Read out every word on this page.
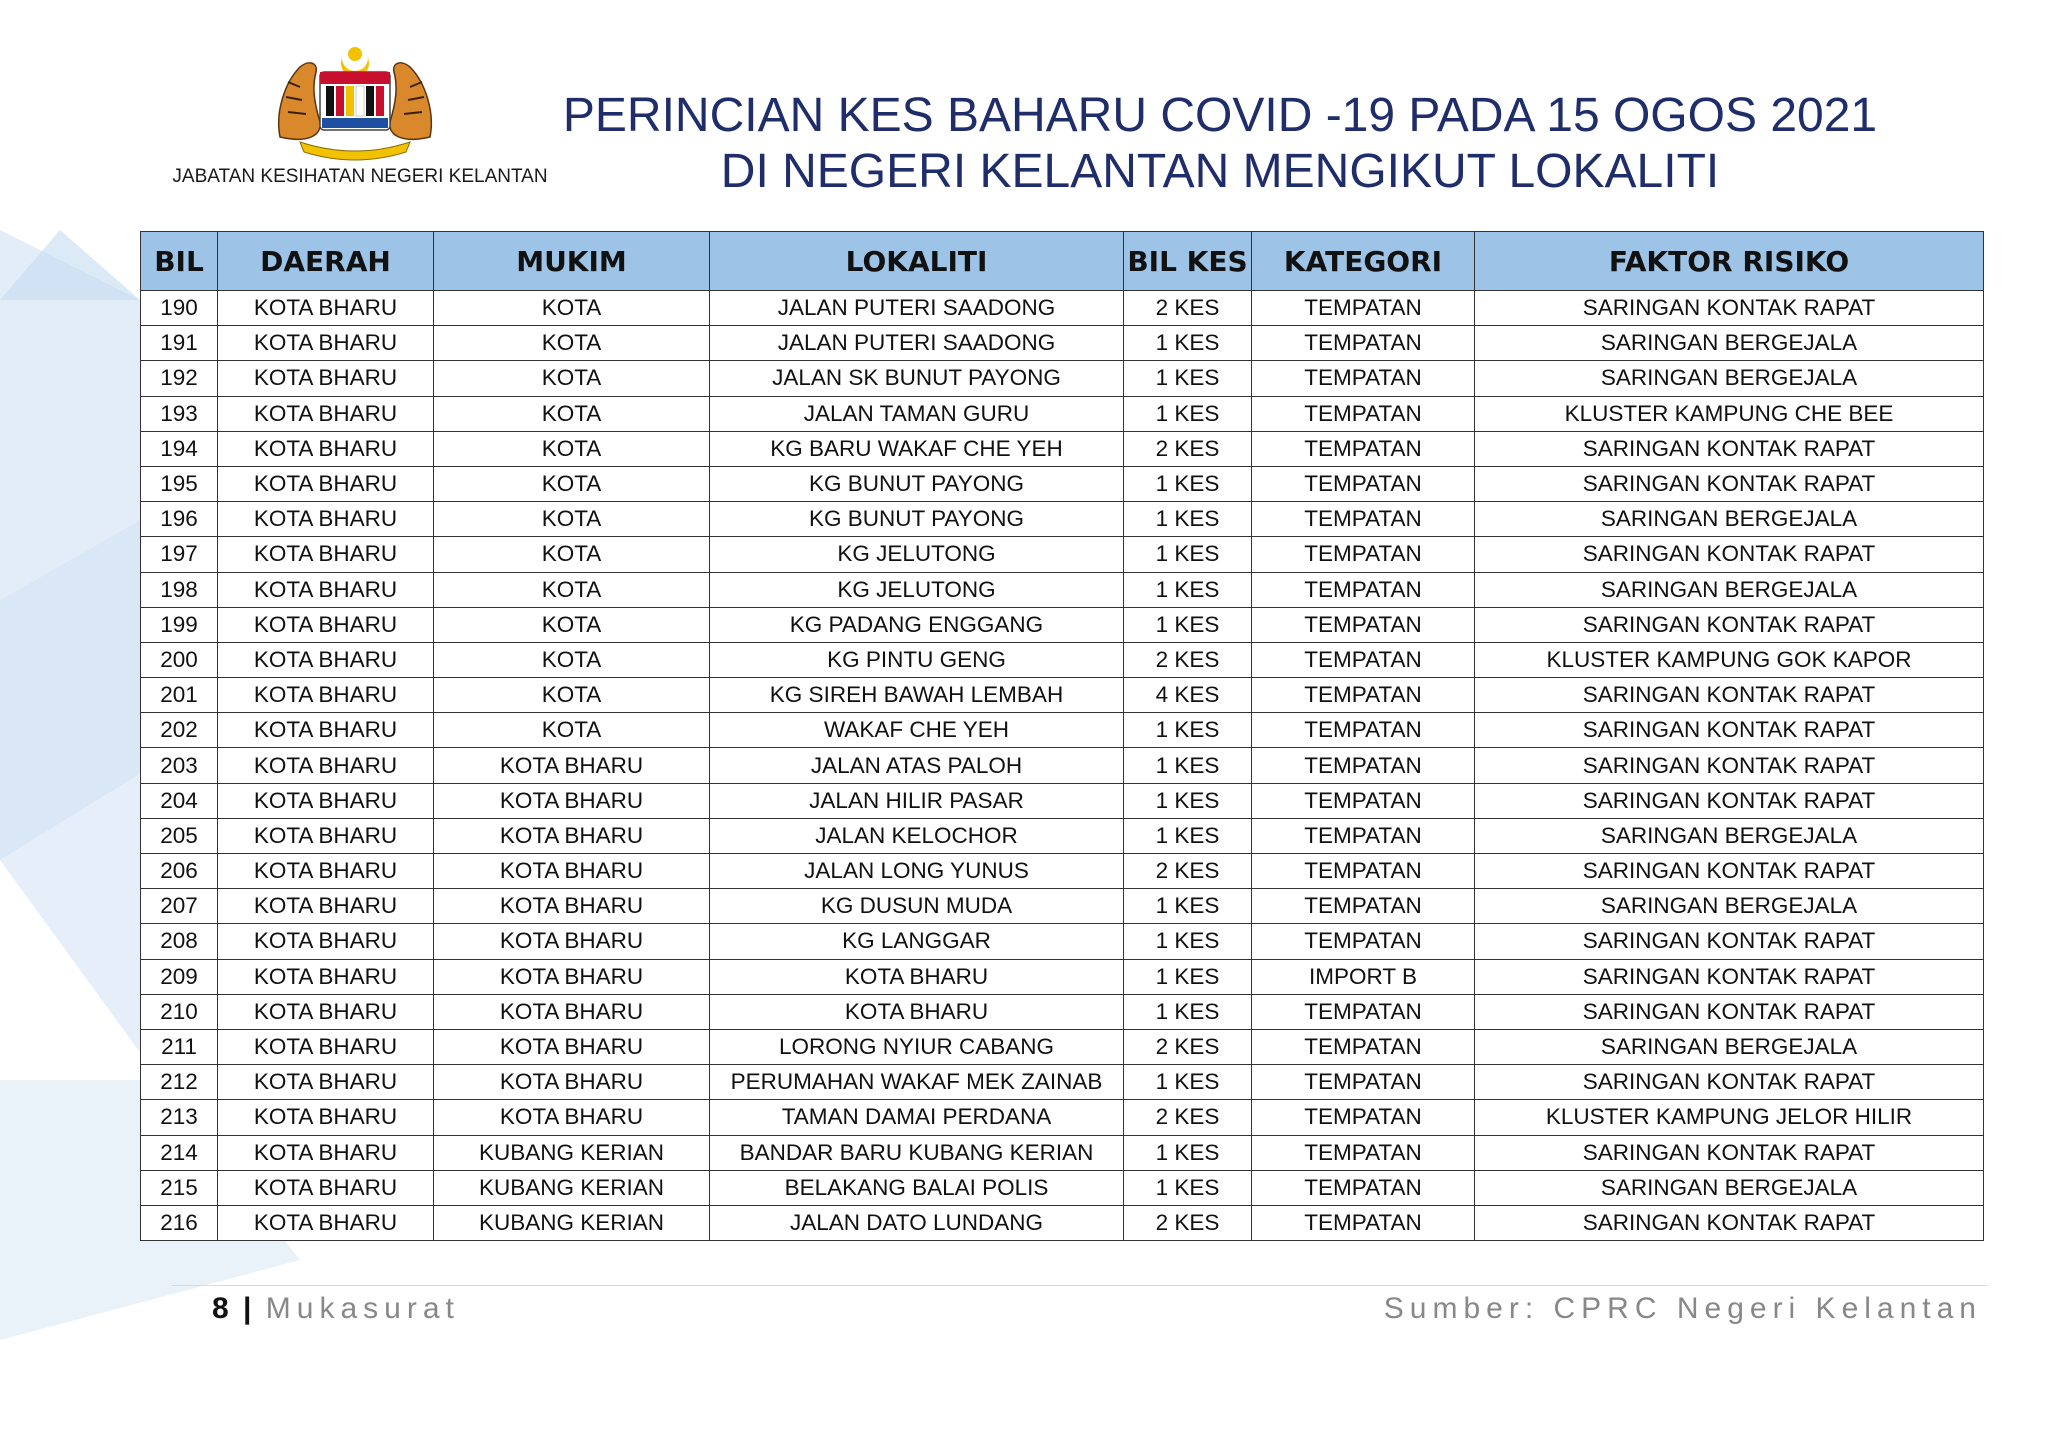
JABATAN KESIHATAN NEGERI KELANTAN
PERINCIAN KES BAHARU COVID -19 PADA 15 OGOS 2021
DI NEGERI KELANTAN MENGIKUT LOKALITI
BIL	DAERAH	MUKIM	LOKALITI	BIL KES	KATEGORI	FAKTOR RISIKO
190	KOTA BHARU	KOTA	JALAN PUTERI SAADONG	2 KES	TEMPATAN	SARINGAN KONTAK RAPAT
191	KOTA BHARU	KOTA	JALAN PUTERI SAADONG	1 KES	TEMPATAN	SARINGAN BERGEJALA
192	KOTA BHARU	KOTA	JALAN SK BUNUT PAYONG	1 KES	TEMPATAN	SARINGAN BERGEJALA
193	KOTA BHARU	KOTA	JALAN TAMAN GURU	1 KES	TEMPATAN	KLUSTER KAMPUNG CHE BEE
194	KOTA BHARU	KOTA	KG BARU WAKAF CHE YEH	2 KES	TEMPATAN	SARINGAN KONTAK RAPAT
195	KOTA BHARU	KOTA	KG BUNUT PAYONG	1 KES	TEMPATAN	SARINGAN KONTAK RAPAT
196	KOTA BHARU	KOTA	KG BUNUT PAYONG	1 KES	TEMPATAN	SARINGAN BERGEJALA
197	KOTA BHARU	KOTA	KG JELUTONG	1 KES	TEMPATAN	SARINGAN KONTAK RAPAT
198	KOTA BHARU	KOTA	KG JELUTONG	1 KES	TEMPATAN	SARINGAN BERGEJALA
199	KOTA BHARU	KOTA	KG PADANG ENGGANG	1 KES	TEMPATAN	SARINGAN KONTAK RAPAT
200	KOTA BHARU	KOTA	KG PINTU GENG	2 KES	TEMPATAN	KLUSTER KAMPUNG GOK KAPOR
201	KOTA BHARU	KOTA	KG SIREH BAWAH LEMBAH	4 KES	TEMPATAN	SARINGAN KONTAK RAPAT
202	KOTA BHARU	KOTA	WAKAF CHE YEH	1 KES	TEMPATAN	SARINGAN KONTAK RAPAT
203	KOTA BHARU	KOTA BHARU	JALAN ATAS PALOH	1 KES	TEMPATAN	SARINGAN KONTAK RAPAT
204	KOTA BHARU	KOTA BHARU	JALAN HILIR PASAR	1 KES	TEMPATAN	SARINGAN KONTAK RAPAT
205	KOTA BHARU	KOTA BHARU	JALAN KELOCHOR	1 KES	TEMPATAN	SARINGAN BERGEJALA
206	KOTA BHARU	KOTA BHARU	JALAN LONG YUNUS	2 KES	TEMPATAN	SARINGAN KONTAK RAPAT
207	KOTA BHARU	KOTA BHARU	KG DUSUN MUDA	1 KES	TEMPATAN	SARINGAN BERGEJALA
208	KOTA BHARU	KOTA BHARU	KG LANGGAR	1 KES	TEMPATAN	SARINGAN KONTAK RAPAT
209	KOTA BHARU	KOTA BHARU	KOTA BHARU	1 KES	IMPORT B	SARINGAN KONTAK RAPAT
210	KOTA BHARU	KOTA BHARU	KOTA BHARU	1 KES	TEMPATAN	SARINGAN KONTAK RAPAT
211	KOTA BHARU	KOTA BHARU	LORONG NYIUR CABANG	2 KES	TEMPATAN	SARINGAN BERGEJALA
212	KOTA BHARU	KOTA BHARU	PERUMAHAN WAKAF MEK ZAINAB	1 KES	TEMPATAN	SARINGAN KONTAK RAPAT
213	KOTA BHARU	KOTA BHARU	TAMAN DAMAI PERDANA	2 KES	TEMPATAN	KLUSTER KAMPUNG JELOR HILIR
214	KOTA BHARU	KUBANG KERIAN	BANDAR BARU KUBANG KERIAN	1 KES	TEMPATAN	SARINGAN KONTAK RAPAT
215	KOTA BHARU	KUBANG KERIAN	BELAKANG BALAI POLIS	1 KES	TEMPATAN	SARINGAN BERGEJALA
216	KOTA BHARU	KUBANG KERIAN	JALAN DATO LUNDANG	2 KES	TEMPATAN	SARINGAN KONTAK RAPAT
8 | Mukasurat	Sumber: CPRC Negeri Kelantan
